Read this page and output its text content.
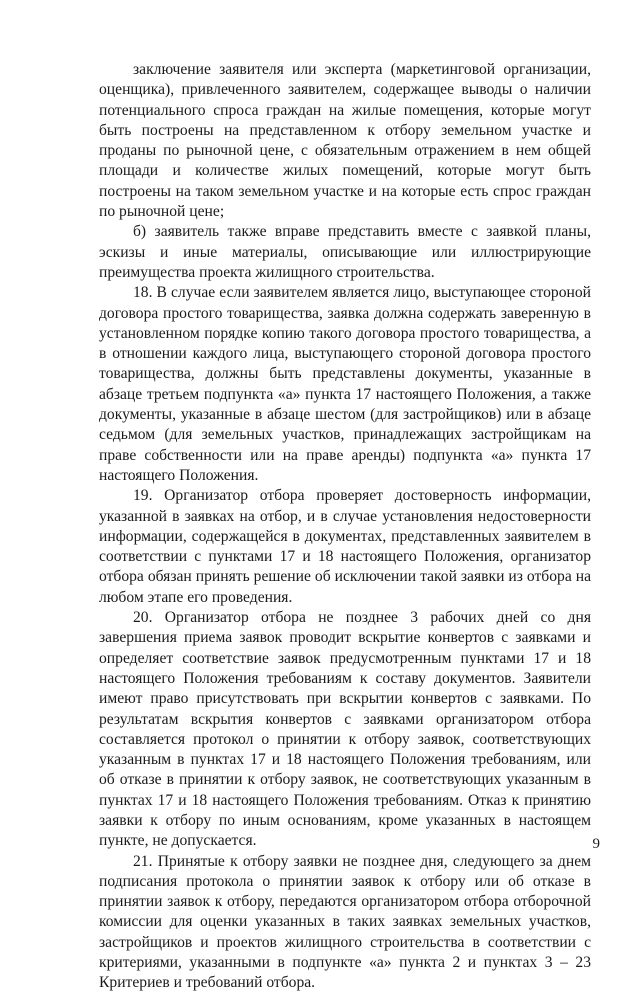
заключение заявителя или эксперта (маркетинговой организации, оценщика), привлеченного заявителем, содержащее выводы о наличии потенциального спроса граждан на жилые помещения, которые могут быть построены на представленном к отбору земельном участке и проданы по рыночной цене, с обязательным отражением в нем общей площади и количестве жилых помещений, которые могут быть построены на таком земельном участке и на которые есть спрос граждан по рыночной цене;

б) заявитель также вправе представить вместе с заявкой планы, эскизы и иные материалы, описывающие или иллюстрирующие преимущества проекта жилищного строительства.

18. В случае если заявителем является лицо, выступающее стороной договора простого товарищества, заявка должна содержать заверенную в установленном порядке копию такого договора простого товарищества, а в отношении каждого лица, выступающего стороной договора простого товарищества, должны быть представлены документы, указанные в абзаце третьем подпункта «а» пункта 17 настоящего Положения, а также документы, указанные в абзаце шестом (для застройщиков) или в абзаце седьмом (для земельных участков, принадлежащих застройщикам на праве собственности или на праве аренды) подпункта «а» пункта 17 настоящего Положения.

19. Организатор отбора проверяет достоверность информации, указанной в заявках на отбор, и в случае установления недостоверности информации, содержащейся в документах, представленных заявителем в соответствии с пунктами 17 и 18 настоящего Положения, организатор отбора обязан принять решение об исключении такой заявки из отбора на любом этапе его проведения.

20. Организатор отбора не позднее 3 рабочих дней со дня завершения приема заявок проводит вскрытие конвертов с заявками и определяет соответствие заявок предусмотренным пунктами 17 и 18 настоящего Положения требованиям к составу документов. Заявители имеют право присутствовать при вскрытии конвертов с заявками. По результатам вскрытия конвертов с заявками организатором отбора составляется протокол о принятии к отбору заявок, соответствующих указанным в пунктах 17 и 18 настоящего Положения требованиям, или об отказе в принятии к отбору заявок, не соответствующих указанным в пунктах 17 и 18 настоящего Положения требованиям. Отказ к принятию заявки к отбору по иным основаниям, кроме указанных в настоящем пункте, не допускается.

21. Принятые к отбору заявки не позднее дня, следующего за днем подписания протокола о принятии заявок к отбору или об отказе в принятии заявок к отбору, передаются организатором отбора отборочной комиссии для оценки указанных в таких заявках земельных участков, застройщиков и проектов жилищного строительства в соответствии с критериями, указанными в подпункте «а» пункта 2 и пунктах 3 – 23 Критериев и требований отбора.

9
